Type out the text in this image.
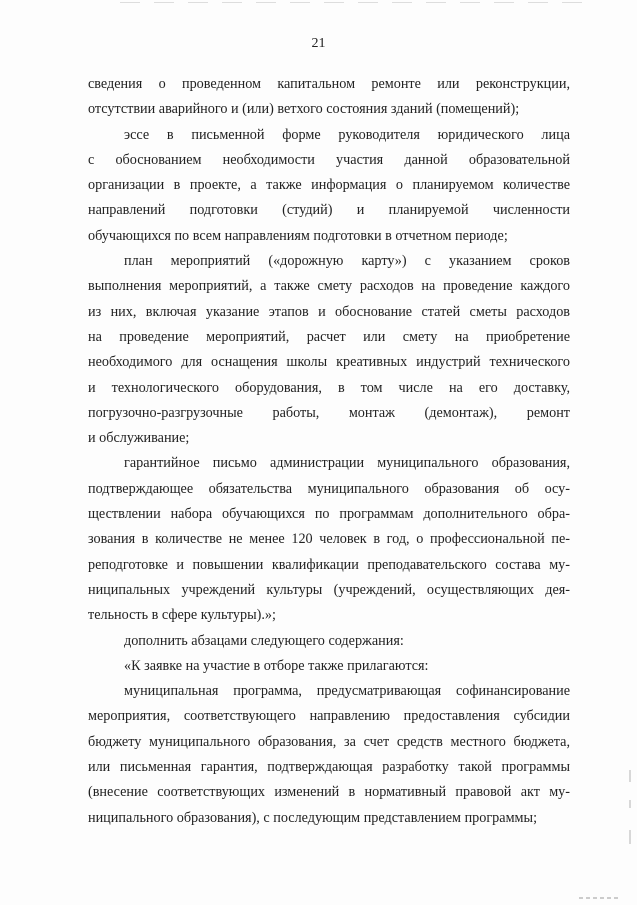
21
сведения о проведенном капитальном ремонте или реконструкции,
отсутствии аварийного и (или) ветхого состояния зданий (помещений);
эссе в письменной форме руководителя юридического лица
с обоснованием необходимости участия данной образовательной
организации в проекте, а также информация о планируемом количестве
направлений подготовки (студий) и планируемой численности
обучающихся по всем направлениям подготовки в отчетном периоде;
план мероприятий («дорожную карту») с указанием сроков
выполнения мероприятий, а также смету расходов на проведение каждого
из них, включая указание этапов и обоснование статей сметы расходов
на проведение мероприятий, расчет или смету на приобретение
необходимого для оснащения школы креативных индустрий технического
и технологического оборудования, в том числе на его доставку,
погрузочно-разгрузочные работы, монтаж (демонтаж), ремонт
и обслуживание;
гарантийное письмо администрации муниципального образования,
подтверждающее обязательства муниципального образования об осу-
ществлении набора обучающихся по программам дополнительного обра-
зования в количестве не менее 120 человек в год, о профессиональной пе-
реподготовке и повышении квалификации преподавательского состава му-
ниципальных учреждений культуры (учреждений, осуществляющих дея-
тельность в сфере культуры).»;
дополнить абзацами следующего содержания:
«К заявке на участие в отборе также прилагаются:
муниципальная программа, предусматривающая софинансирование
мероприятия, соответствующего направлению предоставления субсидии
бюджету муниципального образования, за счет средств местного бюджета,
или письменная гарантия, подтверждающая разработку такой программы
(внесение соответствующих изменений в нормативный правовой акт му-
ниципального образования), с последующим представлением программы;
